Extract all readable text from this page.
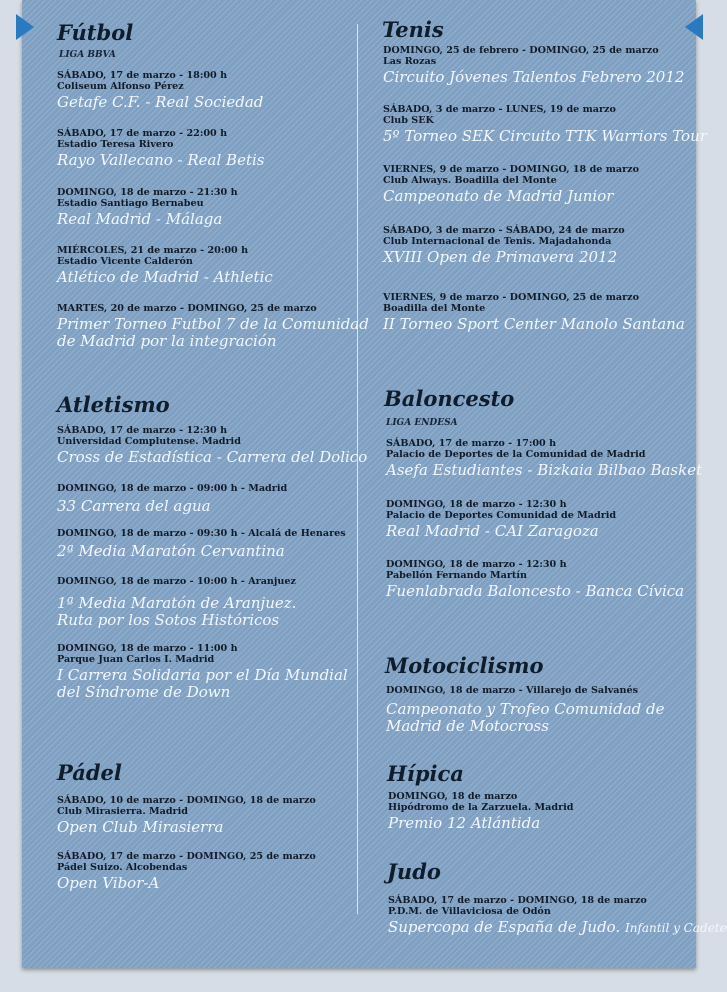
Fútbol
LIGA BBVA
SÁBADO, 17 de marzo - 18:00 h
Coliseum Alfonso Pérez
Getafe C.F. - Real Sociedad
SÁBADO, 17 de marzo - 22:00 h
Estadio Teresa Rivero
Rayo Vallecano - Real Betis
DOMINGO, 18 de marzo - 21:30 h
Estadio Santiago Bernabeu
Real Madrid - Málaga
MIÉRCOLES, 21 de marzo - 20:00 h
Estadio Vicente Calderón
Atlético de Madrid - Athletic
MARTES, 20 de marzo - DOMINGO, 25 de marzo
Primer Torneo Futbol 7 de la Comunidad
de Madrid por la integración
Atletismo
SÁBADO, 17 de marzo - 12:30 h
Universidad Complutense. Madrid
Cross de Estadística - Carrera del Dolico
DOMINGO, 18 de marzo - 09:00 h - Madrid
33 Carrera del agua
DOMINGO, 18 de marzo - 09:30 h - Alcalá de Henares
2ª Media Maratón Cervantina
DOMINGO, 18 de marzo - 10:00 h - Aranjuez
1ª Media Maratón de Aranjuez.
Ruta por los Sotos Históricos
DOMINGO, 18 de marzo - 11:00 h
Parque Juan Carlos I. Madrid
I Carrera Solidaria por el Día Mundial
del Síndrome de Down
Pádel
SÁBADO, 10 de marzo - DOMINGO, 18 de marzo
Club Mirasierra. Madrid
Open Club Mirasierra
SÁBADO, 17 de marzo - DOMINGO, 25 de marzo
Pádel Suizo. Alcobendas
Open Vibor-A
Tenis
DOMINGO, 25 de febrero - DOMINGO, 25 de marzo
Las Rozas
Circuito Jóvenes Talentos Febrero 2012
SÁBADO, 3 de marzo - LUNES, 19 de marzo
Club SEK
5º Torneo SEK Circuito TTK Warriors Tour
VIERNES, 9 de marzo - DOMINGO, 18 de marzo
Club Always. Boadilla del Monte
Campeonato de Madrid Junior
SÁBADO, 3 de marzo - SÁBADO, 24 de marzo
Club Internacional de Tenis. Majadahonda
XVIII Open de Primavera 2012
VIERNES, 9 de marzo - DOMINGO, 25 de marzo
Boadilla del Monte
II Torneo Sport Center Manolo Santana
Baloncesto
LIGA ENDESA
SÁBADO, 17 de marzo - 17:00 h
Palacio de Deportes de la Comunidad de Madrid
Asefa Estudiantes - Bizkaia Bilbao Basket
DOMINGO, 18 de marzo - 12:30 h
Palacio de Deportes Comunidad de Madrid
Real Madrid - CAI Zaragoza
DOMINGO, 18 de marzo - 12:30 h
Pabellón Fernando Martín
Fuenlabrada Baloncesto - Banca Cívica
Motociclismo
DOMINGO, 18 de marzo - Villarejo de Salvanés
Campeonato y Trofeo Comunidad de
Madrid de Motocross
Hípica
DOMINGO, 18 de marzo
Hipódromo de la Zarzuela. Madrid
Premio 12 Atlántida
Judo
SÁBADO, 17 de marzo - DOMINGO, 18 de marzo
P.D.M. de Villaviciosa de Odón
Supercopa de España de Judo. Infantil y Cadete
